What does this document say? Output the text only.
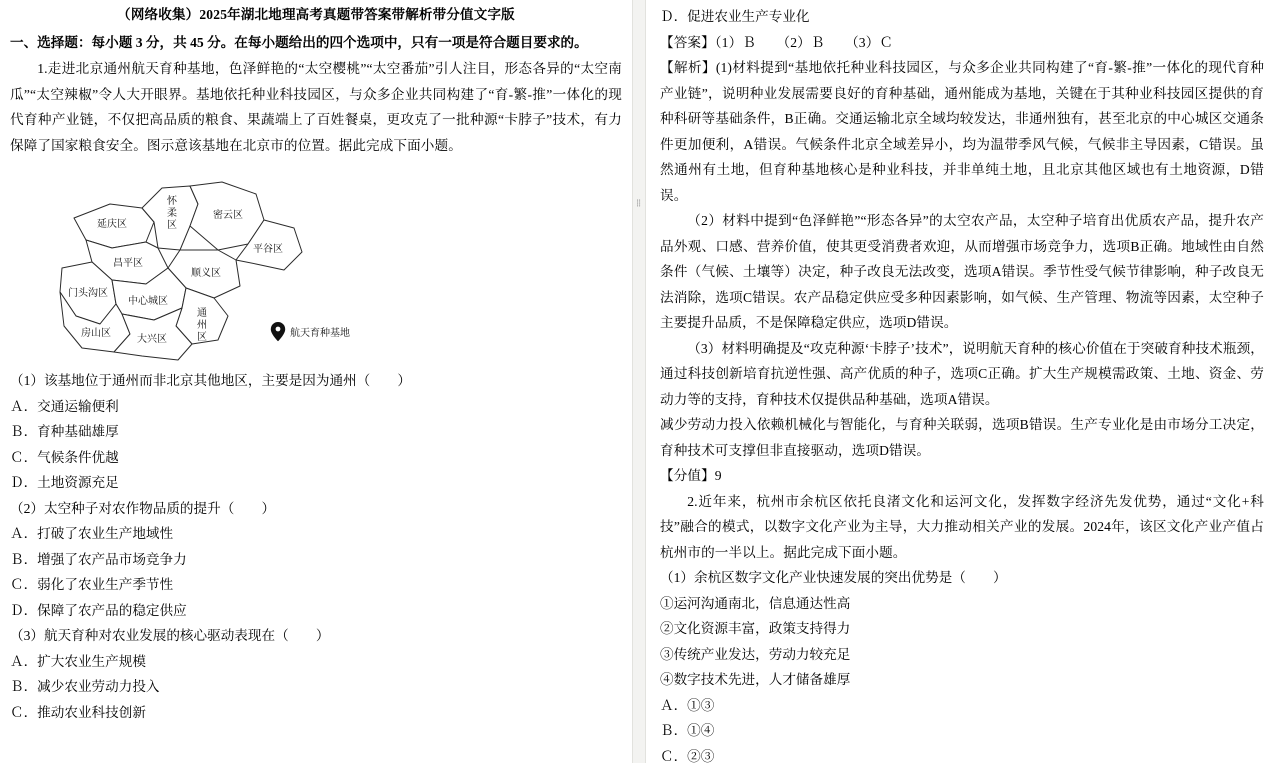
（网络收集）2025年湖北地理高考真题带答案带解析带分值文字版

一、选择题：每小题 3 分，共 45 分。在每小题给出的四个选项中，只有一项是符合题目要求的。

1.走进北京通州航天育种基地，色泽鲜艳的“太空樱桃”“太空番茄”引人注目，形态各异的“太空南瓜”“太空辣椒”令人大开眼界。基地依托种业科技园区，与众多企业共同构建了“育-繁-推”一体化的现代育种产业链，不仅把高品质的粮食、果蔬端上了百姓餐桌，更攻克了一批种源“卡脖子”技术，有力保障了国家粮食安全。图示意该基地在北京市的位置。据此完成下面小题。

延庆区
怀
柔
区
密云区
昌平区
顺义区
平谷区
门头沟区
中心城区
通
州
区
房山区
大兴区
航天育种基地

（1）该基地位于通州而非北京其他地区，主要是因为通州（　　）

Ａ．交通运输便利

Ｂ．育种基础雄厚

Ｃ．气候条件优越

Ｄ．土地资源充足

（2）太空种子对农作物品质的提升（　　）

Ａ．打破了农业生产地域性

Ｂ．增强了农产品市场竞争力

Ｃ．弱化了农业生产季节性

Ｄ．保障了农产品的稳定供应

（3）航天育种对农业发展的核心驱动表现在（　　）

Ａ．扩大农业生产规模

Ｂ．减少农业劳动力投入

Ｃ．推动农业科技创新

⣿

Ｄ．促进农业生产专业化

【答案】（1）Ｂ　　（2）Ｂ　　（3）Ｃ

【解析】(1)材料提到“基地依托种业科技园区，与众多企业共同构建了“育-繁-推”一体化的现代育种产业链”，说明种业发展需要良好的育种基础，通州能成为基地，关键在于其种业科技园区提供的育种科研等基础条件，B正确。交通运输北京全域均较发达，非通州独有，甚至北京的中心城区交通条件更加便利，A错误。气候条件北京全域差异小，均为温带季风气候，气候非主导因素，C错误。虽然通州有土地，但育种基地核心是种业科技，并非单纯土地，且北京其他区域也有土地资源，D错误。

（2）材料中提到“色泽鲜艳”“形态各异”的太空农产品，太空种子培育出优质农产品，提升农产品外观、口感、营养价值，使其更受消费者欢迎，从而增强市场竞争力，选项B正确。地域性由自然条件（气候、土壤等）决定，种子改良无法改变，选项A错误。季节性受气候节律影响，种子改良无法消除，选项C错误。农产品稳定供应受多种因素影响，如气候、生产管理、物流等因素，太空种子主要提升品质，不是保障稳定供应，选项D错误。

（3）材料明确提及“攻克种源‘卡脖子’技术”，说明航天育种的核心价值在于突破育种技术瓶颈，通过科技创新培育抗逆性强、高产优质的种子，选项C正确。扩大生产规模需政策、土地、资金、劳动力等的支持，育种技术仅提供品种基础，选项A错误。

减少劳动力投入依赖机械化与智能化，与育种关联弱，选项B错误。生产专业化是由市场分工决定，育种技术可支撑但非直接驱动，选项D错误。

【分值】9

2.近年来，杭州市余杭区依托良渚文化和运河文化，发挥数字经济先发优势，通过“文化+科技”融合的模式，以数字文化产业为主导，大力推动相关产业的发展。2024年，该区文化产业产值占杭州市的一半以上。据此完成下面小题。

（1）余杭区数字文化产业快速发展的突出优势是（　　）

①运河沟通南北，信息通达性高

②文化资源丰富，政策支持得力

③传统产业发达，劳动力较充足

④数字技术先进，人才储备雄厚

Ａ．①③

Ｂ．①④

Ｃ．②③
